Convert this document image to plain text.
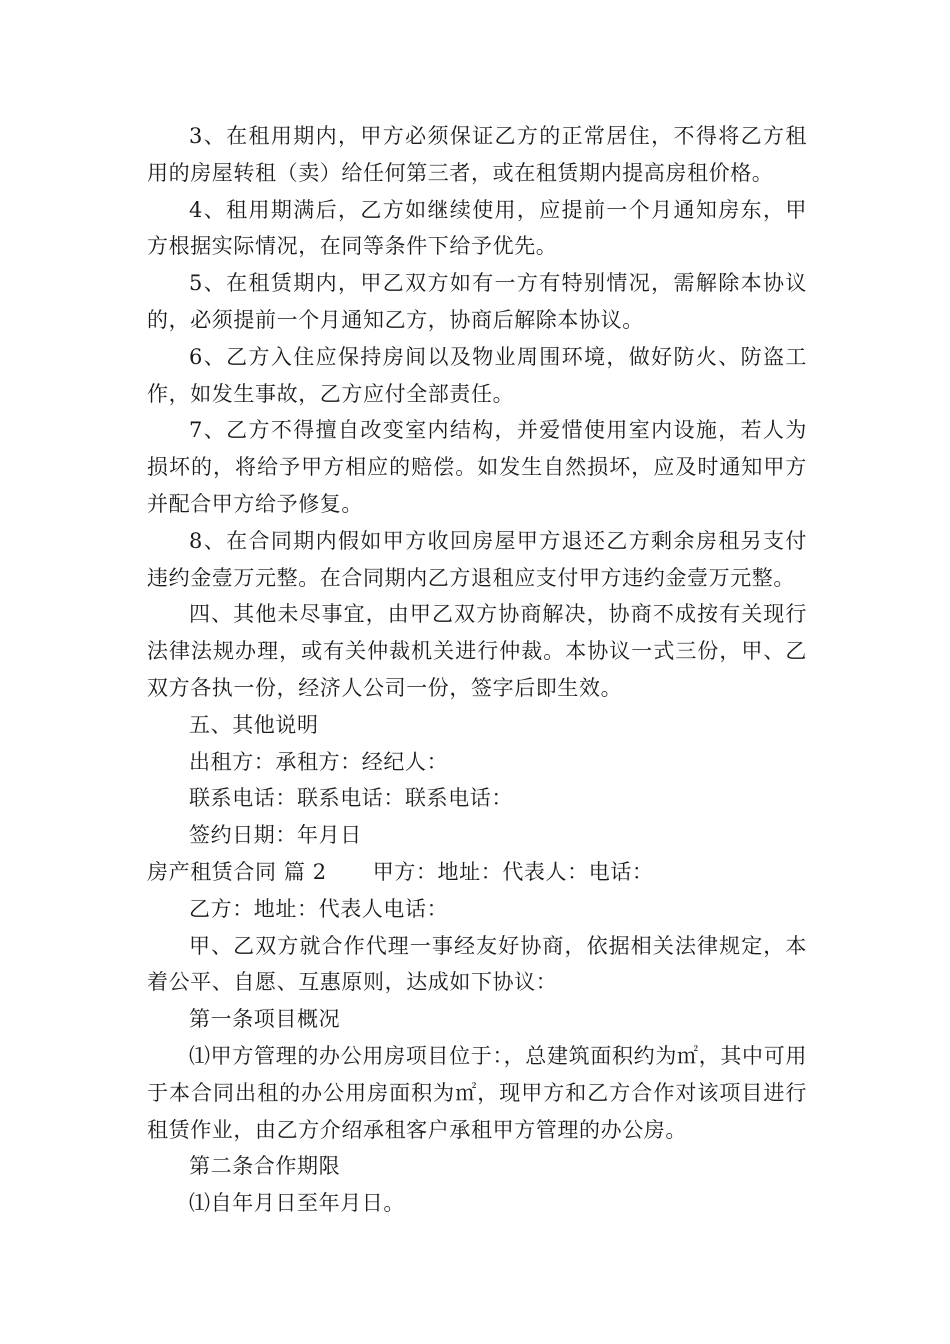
3、在租用期内，甲方必须保证乙方的正常居住，不得将乙方租用的房屋转租（卖）给任何第三者，或在租赁期内提高房租价格。

4、租用期满后，乙方如继续使用，应提前一个月通知房东，甲方根据实际情况，在同等条件下给予优先。

5、在租赁期内，甲乙双方如有一方有特别情况，需解除本协议的，必须提前一个月通知乙方，协商后解除本协议。

6、乙方入住应保持房间以及物业周围环境，做好防火、防盗工作，如发生事故，乙方应付全部责任。

7、乙方不得擅自改变室内结构，并爱惜使用室内设施，若人为损坏的，将给予甲方相应的赔偿。如发生自然损坏，应及时通知甲方并配合甲方给予修复。

8、在合同期内假如甲方收回房屋甲方退还乙方剩余房租另支付违约金壹万元整。在合同期内乙方退租应支付甲方违约金壹万元整。

四、其他未尽事宜，由甲乙双方协商解决，协商不成按有关现行法律法规办理，或有关仲裁机关进行仲裁。本协议一式三份，甲、乙双方各执一份，经济人公司一份，签字后即生效。

五、其他说明
出租方：承租方：经纪人：
联系电话：联系电话：联系电话：
签约日期：年月日
房产租赁合同 篇 2 甲方：地址：代表人：电话：
乙方：地址：代表人电话：

甲、乙双方就合作代理一事经友好协商，依据相关法律规定，本着公平、自愿、互惠原则，达成如下协议：

第一条项目概况

⑴甲方管理的办公用房项目位于：，总建筑面积约为㎡，其中可用于本合同出租的办公用房面积为㎡，现甲方和乙方合作对该项目进行租赁作业，由乙方介绍承租客户承租甲方管理的办公房。

第二条合作期限

⑴自年月日至年月日。
